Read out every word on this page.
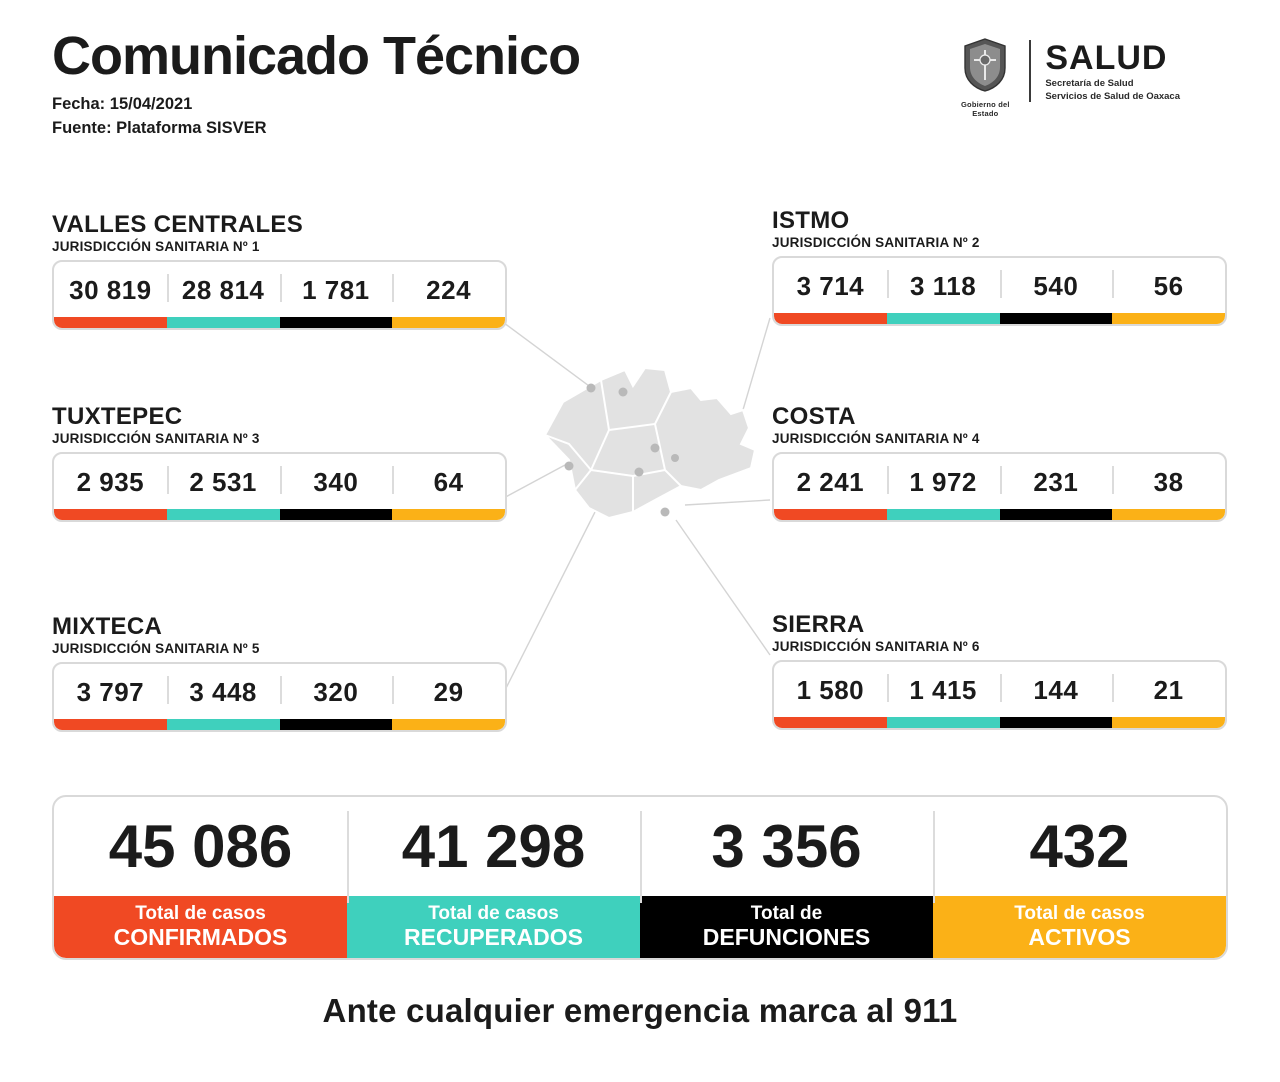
Comunicado Técnico
Fecha: 15/04/2021
Fuente: Plataforma SISVER
Gobierno del Estado
SALUD
Secretaría de Salud
Servicios de Salud de Oaxaca
VALLES CENTRALES
JURISDICCIÓN SANITARIA Nº 1
30 819	28 814	1 781	224
TUXTEPEC
JURISDICCIÓN SANITARIA Nº 3
2 935	2 531	340	64
MIXTECA
JURISDICCIÓN SANITARIA Nº 5
3 797	3 448	320	29
ISTMO
JURISDICCIÓN SANITARIA Nº 2
3 714	3 118	540	56
COSTA
JURISDICCIÓN SANITARIA Nº 4
2 241	1 972	231	38
SIERRA
JURISDICCIÓN SANITARIA Nº 6
1 580	1 415	144	21
45 086
Total de casos
CONFIRMADOS
41 298
Total de casos
RECUPERADOS
3 356
Total de
DEFUNCIONES
432
Total de casos
ACTIVOS
Ante cualquier emergencia marca al 911
